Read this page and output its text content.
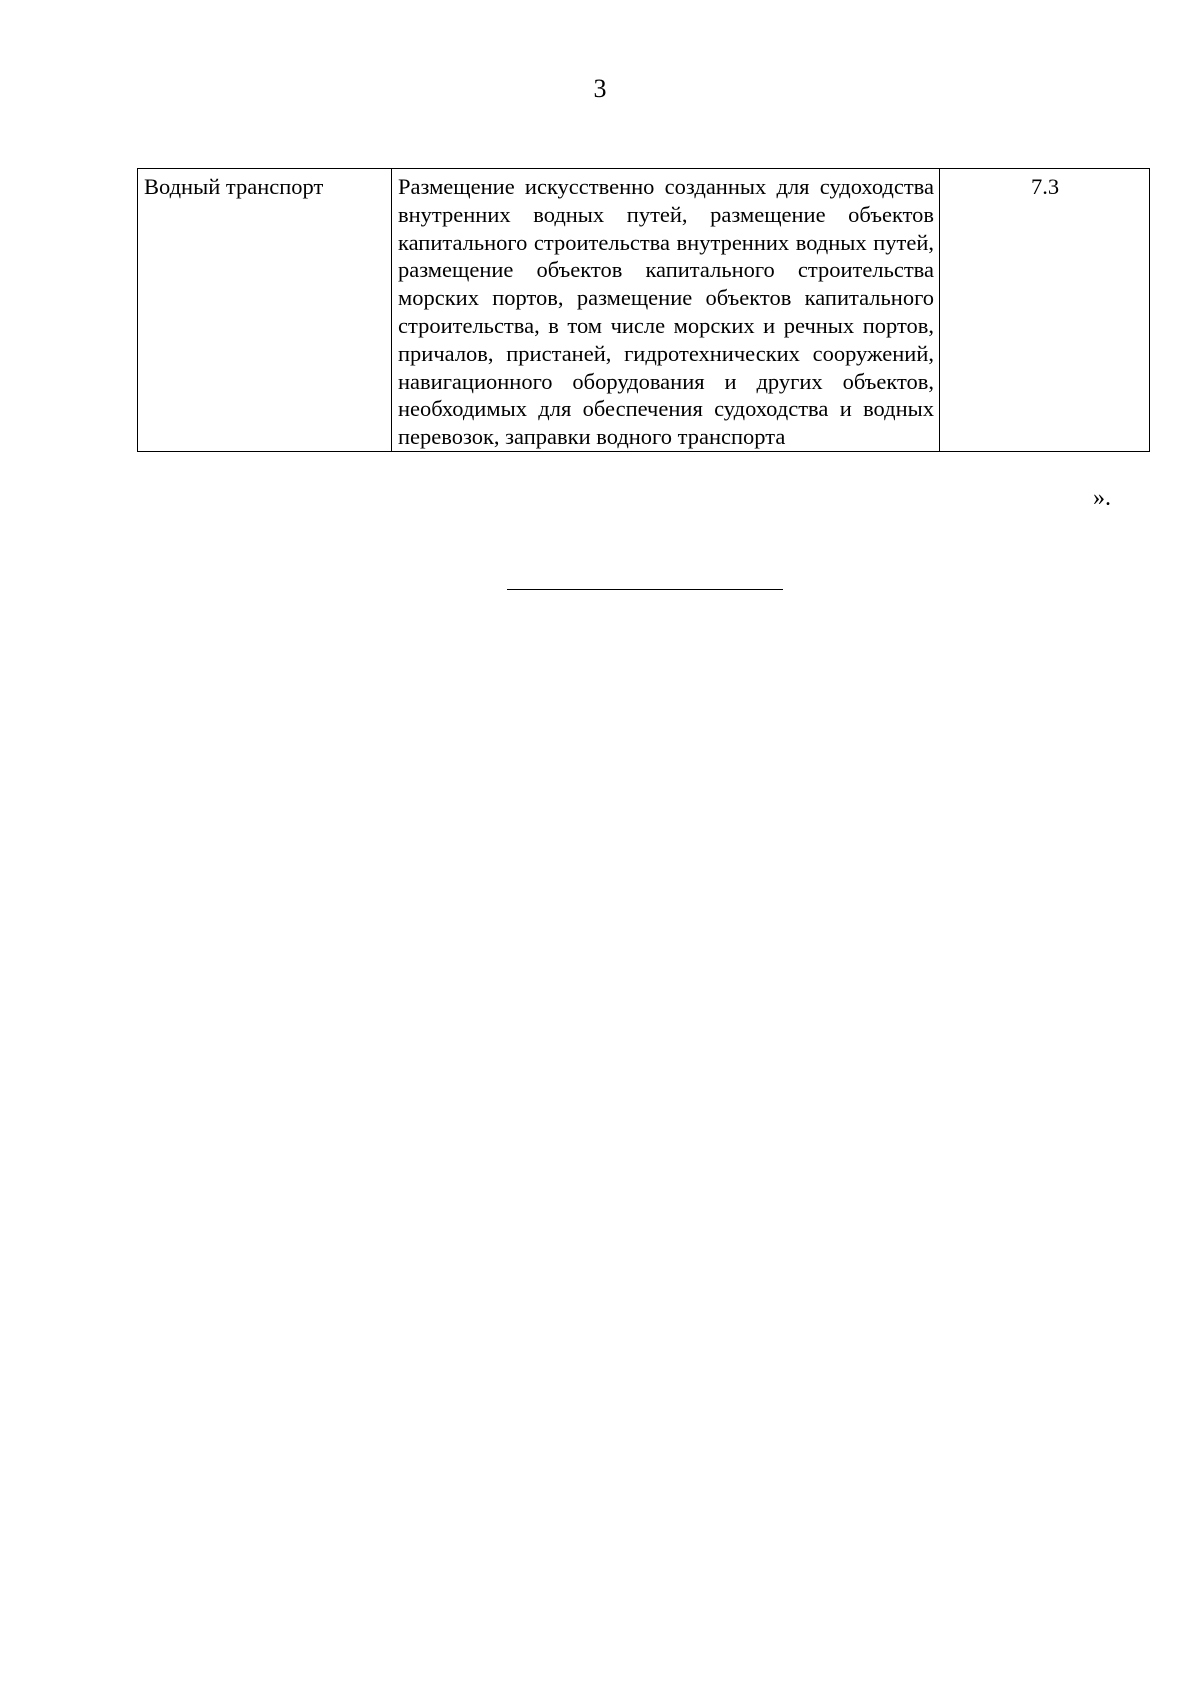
3
Водный транспорт	Размещение искусственно созданных для судоходства внутренних водных путей, размещение объектов капитального строительства внутренних водных путей, размещение объектов капитального строительства морских портов, размещение объектов капитального строительства, в том числе морских и речных портов, причалов, пристаней, гидротехнических сооружений, навигационного оборудования и других объектов, необходимых для обеспечения судоходства и водных перевозок, заправки водного транспорта	7.3
».
